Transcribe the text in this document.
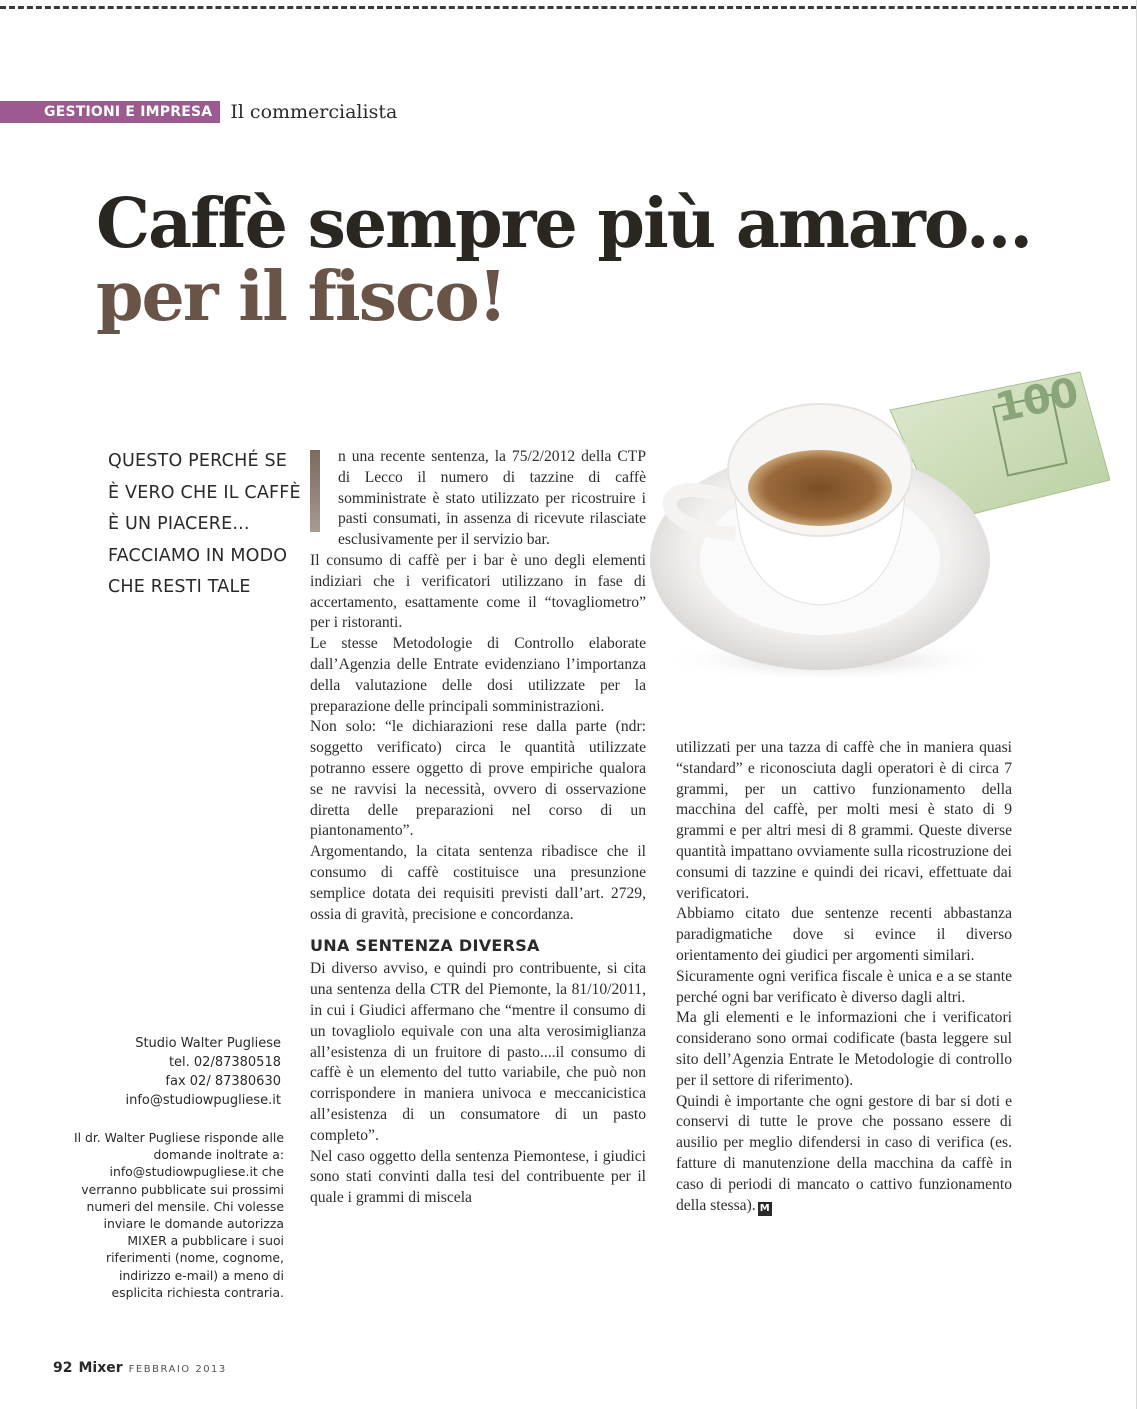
GESTIONI E IMPRESA Il commercialista
Caffè sempre più amaro...
per il fisco!
100

QUESTO PERCHÉ SE
È VERO CHE IL CAFFÈ
È UN PIACERE...
FACCIAMO IN MODO
CHE RESTI TALE

n una recente sentenza, la 75/2/2012 della CTP di Lecco il numero di tazzine di caffè somministrate è stato utilizzato per ricostruire i pasti consumati, in assenza di ricevute rilasciate esclusivamente per il servizio bar.

Il consumo di caffè per i bar è uno degli elementi indiziari che i verificatori utilizzano in fase di accertamento, esattamente come il “tovagliometro” per i ristoranti.

Le stesse Metodologie di Controllo elaborate dall’Agenzia delle Entrate evidenziano l’importanza della valutazione delle dosi utilizzate per la preparazione delle principali somministrazioni.

Non solo: “le dichiarazioni rese dalla parte (ndr: soggetto verificato) circa le quantità utilizzate potranno essere oggetto di prove empiriche qualora se ne ravvisi la necessità, ovvero di osservazione diretta delle preparazioni nel corso di un piantonamento”.

Argomentando, la citata sentenza ribadisce che il consumo di caffè costituisce una presunzione semplice dotata dei requisiti previsti dall’art. 2729, ossia di gravità, precisione e concordanza.

UNA SENTENZA DIVERSA

Di diverso avviso, e quindi pro contribuente, si cita una sentenza della CTR del Piemonte, la 81/10/2011, in cui i Giudici affermano che “mentre il consumo di un tovagliolo equivale con una alta verosimiglianza all’esistenza di un fruitore di pasto....il consumo di caffè è un elemento del tutto variabile, che può non corrispondere in maniera univoca e meccanicistica all’esistenza di un consumatore di un pasto completo”.

Nel caso oggetto della sentenza Piemontese, i giudici sono stati convinti dalla tesi del contribuente per il quale i grammi di miscela

utilizzati per una tazza di caffè che in maniera quasi “standard” e riconosciuta dagli operatori è di circa 7 grammi, per un cattivo funzionamento della macchina del caffè, per molti mesi è stato di 9 grammi e per altri mesi di 8 grammi. Queste diverse quantità impattano ovviamente sulla ricostruzione dei consumi di tazzine e quindi dei ricavi, effettuate dai verificatori.

Abbiamo citato due sentenze recenti abbastanza paradigmatiche dove si evince il diverso orientamento dei giudici per argomenti similari.

Sicuramente ogni verifica fiscale è unica e a se stante perché ogni bar verificato è diverso dagli altri.

Ma gli elementi e le informazioni che i verificatori considerano sono ormai codificate (basta leggere sul sito dell’Agenzia Entrate le Metodologie di controllo per il settore di riferimento).

Quindi è importante che ogni gestore di bar si doti e conservi di tutte le prove che possano essere di ausilio per meglio difendersi in caso di verifica (es. fatture di manutenzione della macchina da caffè in caso di periodi di mancato o cattivo funzionamento della stessa). M

Studio Walter Pugliese
tel. 02/87380518
fax 02/ 87380630
info@studiowpugliese.it

Il dr. Walter Pugliese risponde alle domande inoltrate a: info@studiowpugliese.it che verranno pubblicate sui prossimi numeri del mensile. Chi volesse inviare le domande autorizza MIXER a pubblicare i suoi riferimenti (nome, cognome, indirizzo e-mail) a meno di esplicita richiesta contraria.

92 Mixer FEBBRAIO 2013
